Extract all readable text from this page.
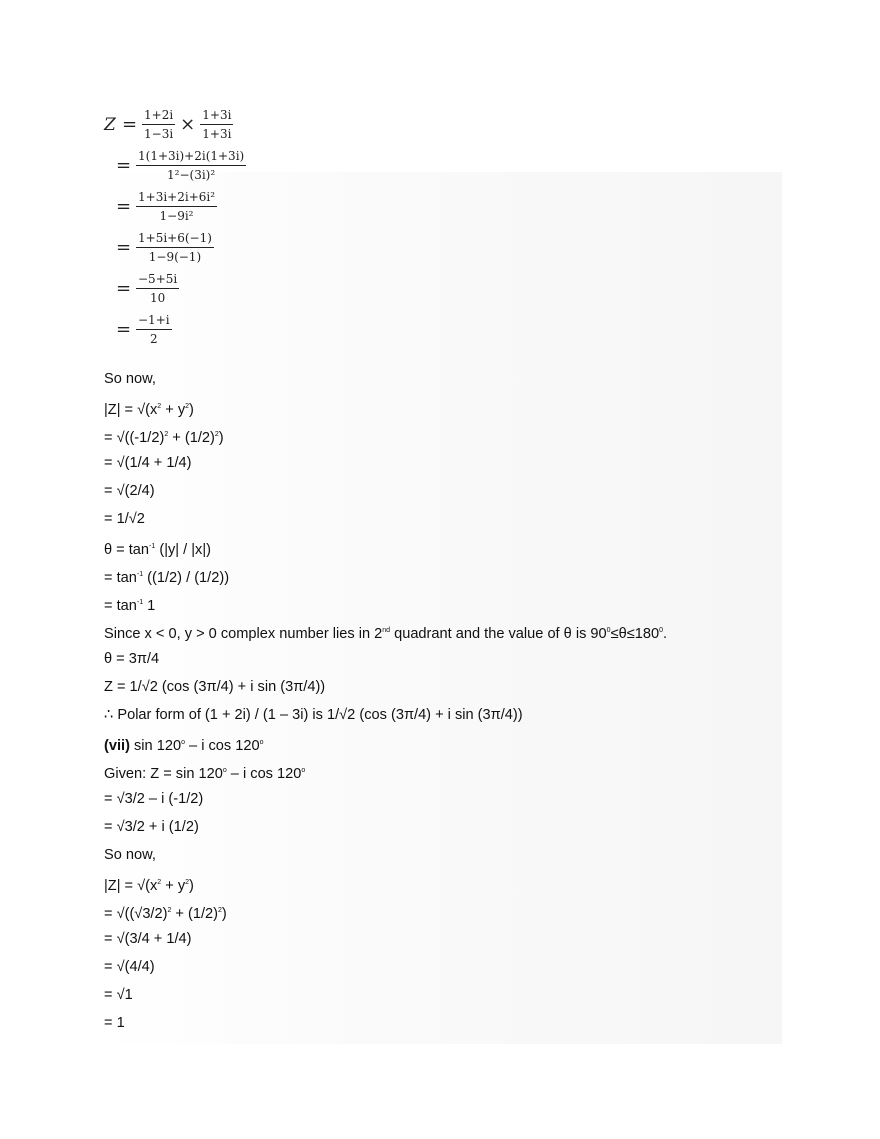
$Z = \frac{1+2i}{1-3i} \times \frac{1+3i}{1+3i}$
= $\frac{1(1+3i)+2i(1+3i)}{\text{1²−(3i)²}}$
= $\frac{\text{1+3i+2i+6i²}}{\text{1−9i²}}$
= $\frac{1+5i+6(-1)}{1-9(-1)}$
= $\frac{-5+5i}{10}$
= $\frac{-1+i}{2}$
So now,
$|Z| = √(x^2 + y^2)$
= $√((-1/2)^2 + (1/2)^2)$
= √(1/4 + 1/4)
= √(2/4)
= 1/√2
$\theta = \tan^{-1} (|y| / |x|)$
= $\tan^{-1} ((1/2) / (1/2))$
= $\tan^{-1} 1$
Since x < 0, y > 0 complex number lies in 2nd quadrant and the value of θ is $90^0\le\theta\le 180^0$.
θ = 3π/4
Z = 1/√2 (cos (3π/4) + i sin (3π/4))
∴ Polar form of (1 + 2i) / (1 – 3i) is 1/√2 (cos (3π/4) + i sin (3π/4))
(vii) sin 120$^o$ – i cos 120$^o$
Given: Z = sin 120$^o$ – i $\cos 120^o$
= √3/2 – i (-1/2)
= √3/2 + i (1/2)
So now,
$|Z| = √(x^2 + y^2)$
= $√((√3/2)^2 + (1/2)^2)$
= √(3/4 + 1/4)
= √(4/4)
= √1
= 1
